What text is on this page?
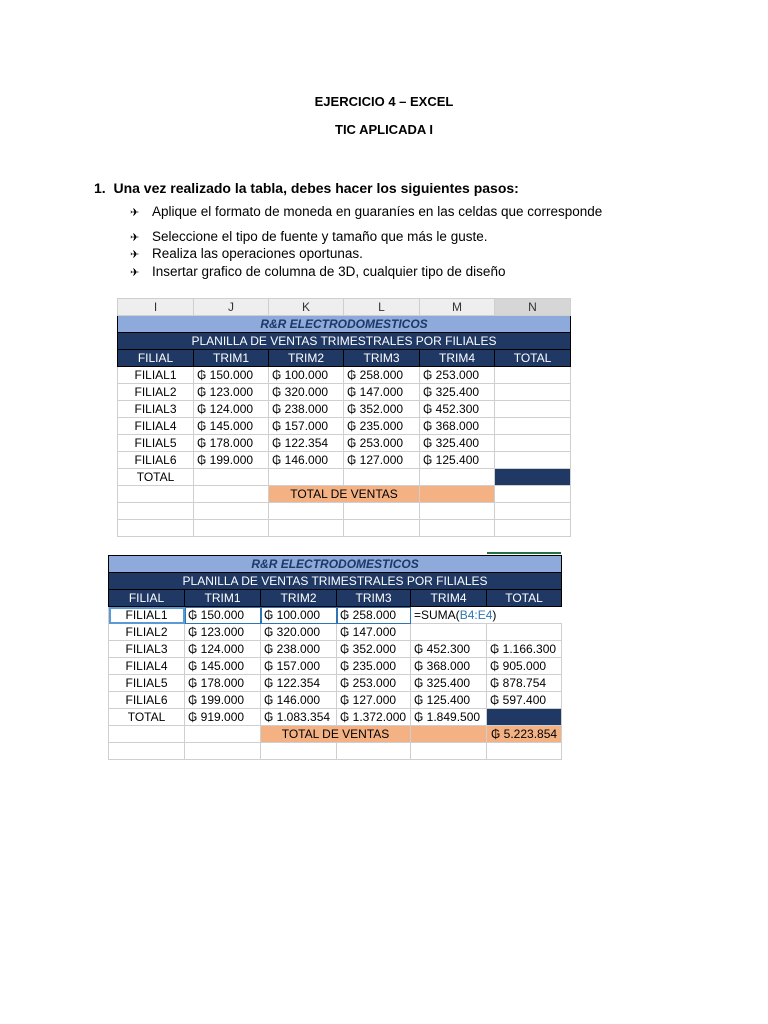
EJERCICIO 4 – EXCEL
TIC APLICADA I
1. Una vez realizado la tabla, debes hacer los siguientes pasos:
✈ Aplique el formato de moneda en guaraníes en las celdas que corresponde
✈ Seleccione el tipo de fuente y tamaño que más le guste.
✈ Realiza las operaciones oportunas.
✈ Insertar grafico de columna de 3D, cualquier tipo de diseño
I	J	K	L	M	N
R&R ELECTRODOMESTICOS					
PLANILLA DE VENTAS TRIMESTRALES POR FILIALES					
FILIAL	TRIM1	TRIM2	TRIM3	TRIM4	TOTAL
FILIAL1	₲ 150.000	₲ 100.000	₲ 258.000	₲ 253.000	
FILIAL2	₲ 123.000	₲ 320.000	₲ 147.000	₲ 325.400	
FILIAL3	₲ 124.000	₲ 238.000	₲ 352.000	₲ 452.300	
FILIAL4	₲ 145.000	₲ 157.000	₲ 235.000	₲ 368.000	
FILIAL5	₲ 178.000	₲ 122.354	₲ 253.000	₲ 325.400	
FILIAL6	₲ 199.000	₲ 146.000	₲ 127.000	₲ 125.400	
TOTAL					
		TOTAL DE VENTAS			

R&R ELECTRODOMESTICOS					
PLANILLA DE VENTAS TRIMESTRALES POR FILIALES					
FILIAL	TRIM1	TRIM2	TRIM3	TRIM4	TOTAL
FILIAL1	₲ 150.000	₲ 100.000	₲ 258.000	=SUMA(B4:E4)	
FILIAL2	₲ 123.000	₲ 320.000	₲ 147.000		
FILIAL3	₲ 124.000	₲ 238.000	₲ 352.000	₲ 452.300	₲ 1.166.300
FILIAL4	₲ 145.000	₲ 157.000	₲ 235.000	₲ 368.000	₲ 905.000
FILIAL5	₲ 178.000	₲ 122.354	₲ 253.000	₲ 325.400	₲ 878.754
FILIAL6	₲ 199.000	₲ 146.000	₲ 127.000	₲ 125.400	₲ 597.400
TOTAL	₲ 919.000	₲ 1.083.354	₲ 1.372.000	₲ 1.849.500	
		TOTAL DE VENTAS			₲ 5.223.854
